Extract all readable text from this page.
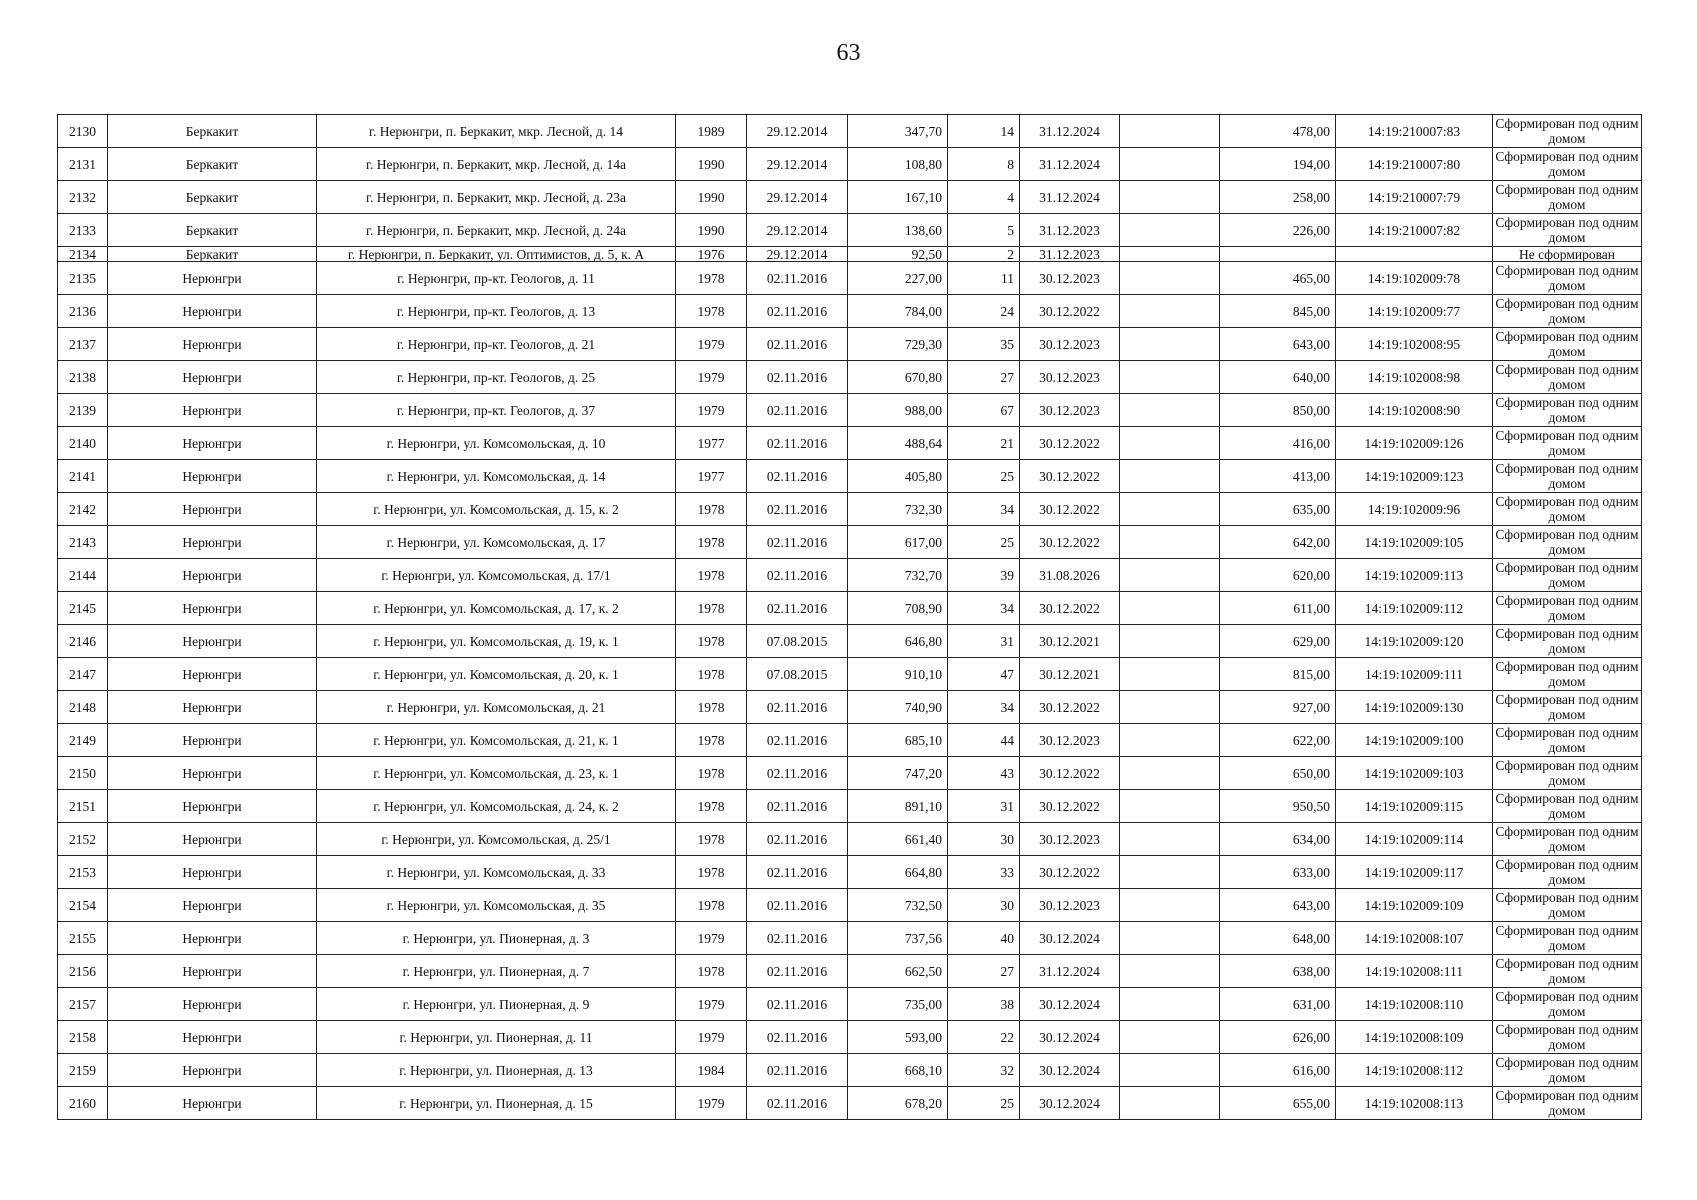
63
2130	Беркакит	г. Нерюнгри, п. Беркакит, мкр. Лесной, д. 14	1989	29.12.2014	347,70	14	31.12.2024		478,00	14:19:210007:83	Сформирован под одним домом
2131	Беркакит	г. Нерюнгри, п. Беркакит, мкр. Лесной, д. 14а	1990	29.12.2014	108,80	8	31.12.2024		194,00	14:19:210007:80	Сформирован под одним домом
2132	Беркакит	г. Нерюнгри, п. Беркакит, мкр. Лесной, д. 23а	1990	29.12.2014	167,10	4	31.12.2024		258,00	14:19:210007:79	Сформирован под одним домом
2133	Беркакит	г. Нерюнгри, п. Беркакит, мкр. Лесной, д. 24а	1990	29.12.2014	138,60	5	31.12.2023		226,00	14:19:210007:82	Сформирован под одним домом
2134	Беркакит	г. Нерюнгри, п. Беркакит, ул. Оптимистов, д. 5, к. А	1976	29.12.2014	92,50	2	31.12.2023				Не сформирован
2135	Нерюнгри	г. Нерюнгри, пр-кт. Геологов, д. 11	1978	02.11.2016	227,00	11	30.12.2023		465,00	14:19:102009:78	Сформирован под одним домом
2136	Нерюнгри	г. Нерюнгри, пр-кт. Геологов, д. 13	1978	02.11.2016	784,00	24	30.12.2022		845,00	14:19:102009:77	Сформирован под одним домом
2137	Нерюнгри	г. Нерюнгри, пр-кт. Геологов, д. 21	1979	02.11.2016	729,30	35	30.12.2023		643,00	14:19:102008:95	Сформирован под одним домом
2138	Нерюнгри	г. Нерюнгри, пр-кт. Геологов, д. 25	1979	02.11.2016	670,80	27	30.12.2023		640,00	14:19:102008:98	Сформирован под одним домом
2139	Нерюнгри	г. Нерюнгри, пр-кт. Геологов, д. 37	1979	02.11.2016	988,00	67	30.12.2023		850,00	14:19:102008:90	Сформирован под одним домом
2140	Нерюнгри	г. Нерюнгри, ул. Комсомольская, д. 10	1977	02.11.2016	488,64	21	30.12.2022		416,00	14:19:102009:126	Сформирован под одним домом
2141	Нерюнгри	г. Нерюнгри, ул. Комсомольская, д. 14	1977	02.11.2016	405,80	25	30.12.2022		413,00	14:19:102009:123	Сформирован под одним домом
2142	Нерюнгри	г. Нерюнгри, ул. Комсомольская, д. 15, к. 2	1978	02.11.2016	732,30	34	30.12.2022		635,00	14:19:102009:96	Сформирован под одним домом
2143	Нерюнгри	г. Нерюнгри, ул. Комсомольская, д. 17	1978	02.11.2016	617,00	25	30.12.2022		642,00	14:19:102009:105	Сформирован под одним домом
2144	Нерюнгри	г. Нерюнгри, ул. Комсомольская, д. 17/1	1978	02.11.2016	732,70	39	31.08.2026		620,00	14:19:102009:113	Сформирован под одним домом
2145	Нерюнгри	г. Нерюнгри, ул. Комсомольская, д. 17, к. 2	1978	02.11.2016	708,90	34	30.12.2022		611,00	14:19:102009:112	Сформирован под одним домом
2146	Нерюнгри	г. Нерюнгри, ул. Комсомольская, д. 19, к. 1	1978	07.08.2015	646,80	31	30.12.2021		629,00	14:19:102009:120	Сформирован под одним домом
2147	Нерюнгри	г. Нерюнгри, ул. Комсомольская, д. 20, к. 1	1978	07.08.2015	910,10	47	30.12.2021		815,00	14:19:102009:111	Сформирован под одним домом
2148	Нерюнгри	г. Нерюнгри, ул. Комсомольская, д. 21	1978	02.11.2016	740,90	34	30.12.2022		927,00	14:19:102009:130	Сформирован под одним домом
2149	Нерюнгри	г. Нерюнгри, ул. Комсомольская, д. 21, к. 1	1978	02.11.2016	685,10	44	30.12.2023		622,00	14:19:102009:100	Сформирован под одним домом
2150	Нерюнгри	г. Нерюнгри, ул. Комсомольская, д. 23, к. 1	1978	02.11.2016	747,20	43	30.12.2022		650,00	14:19:102009:103	Сформирован под одним домом
2151	Нерюнгри	г. Нерюнгри, ул. Комсомольская, д. 24, к. 2	1978	02.11.2016	891,10	31	30.12.2022		950,50	14:19:102009:115	Сформирован под одним домом
2152	Нерюнгри	г. Нерюнгри, ул. Комсомольская, д. 25/1	1978	02.11.2016	661,40	30	30.12.2023		634,00	14:19:102009:114	Сформирован под одним домом
2153	Нерюнгри	г. Нерюнгри, ул. Комсомольская, д. 33	1978	02.11.2016	664,80	33	30.12.2022		633,00	14:19:102009:117	Сформирован под одним домом
2154	Нерюнгри	г. Нерюнгри, ул. Комсомольская, д. 35	1978	02.11.2016	732,50	30	30.12.2023		643,00	14:19:102009:109	Сформирован под одним домом
2155	Нерюнгри	г. Нерюнгри, ул. Пионерная, д. 3	1979	02.11.2016	737,56	40	30.12.2024		648,00	14:19:102008:107	Сформирован под одним домом
2156	Нерюнгри	г. Нерюнгри, ул. Пионерная, д. 7	1978	02.11.2016	662,50	27	31.12.2024		638,00	14:19:102008:111	Сформирован под одним домом
2157	Нерюнгри	г. Нерюнгри, ул. Пионерная, д. 9	1979	02.11.2016	735,00	38	30.12.2024		631,00	14:19:102008:110	Сформирован под одним домом
2158	Нерюнгри	г. Нерюнгри, ул. Пионерная, д. 11	1979	02.11.2016	593,00	22	30.12.2024		626,00	14:19:102008:109	Сформирован под одним домом
2159	Нерюнгри	г. Нерюнгри, ул. Пионерная, д. 13	1984	02.11.2016	668,10	32	30.12.2024		616,00	14:19:102008:112	Сформирован под одним домом
2160	Нерюнгри	г. Нерюнгри, ул. Пионерная, д. 15	1979	02.11.2016	678,20	25	30.12.2024		655,00	14:19:102008:113	Сформирован под одним домом
